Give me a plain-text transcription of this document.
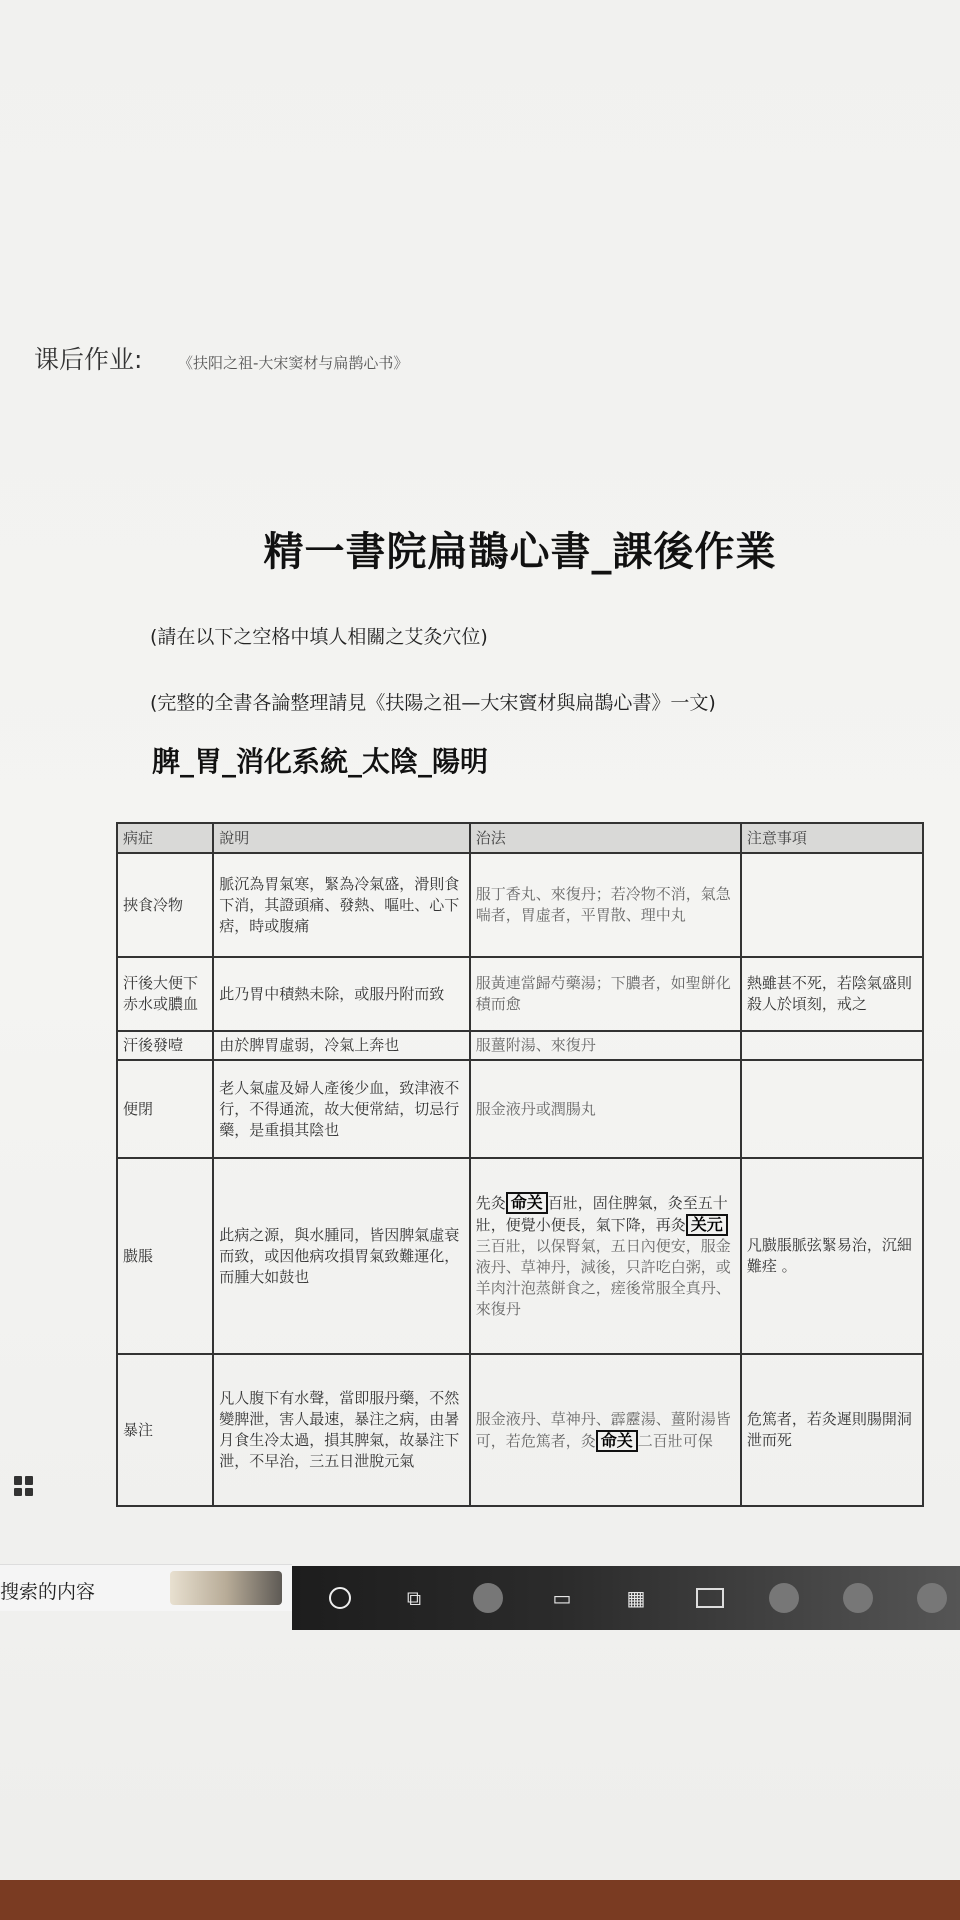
课后作业: 《扶阳之祖-大宋窦材与扁鹊心书》
精一書院扁鵲心書_課後作業
(請在以下之空格中填人相關之艾灸穴位)
(完整的全書各論整理請見《扶陽之祖—大宋竇材與扁鵲心書》一文)
脾_胃_消化系統_太陰_陽明
病症	說明	治法	注意事項
挾食冷物	脈沉為胃氣寒，緊為冷氣盛，滑則食下消，其證頭痛、發熱、嘔吐、心下痞，時或腹痛	服丁香丸、來復丹；若冷物不消，氣急喘者，胃虛者，平胃散、理中丸	
汗後大便下赤水或膿血	此乃胃中積熱未除，或服丹附而致	服黃連當歸芍藥湯；下膿者，如聖餅化積而愈	熱雖甚不死，若陰氣盛則殺人於頃刻，戒之
汗後發噎	由於脾胃虛弱，冷氣上奔也	服薑附湯、來復丹	
便閉	老人氣虛及婦人產後少血，致津液不行，不得通流，故大便常結，切忌行藥，是重損其陰也	服金液丹或潤腸丸	
臌脹	此病之源，與水腫同，皆因脾氣虛衰而致，或因他病攻損胃氣致難運化，而腫大如鼓也	先灸 命关 百壯，固住脾氣，灸至五十壯，便覺小便長，氣下降，再灸 关元三百壯，以保腎氣，五日內便安，服金液丹、草神丹，減後，只許吃白粥，或羊肉汁泡蒸餅食之，瘥後常服全真丹、來復丹	凡臌脹脈弦緊易治，沉細難痊 。
暴注	凡人腹下有水聲，當即服丹藥，不然變脾泄，害人最速，暴注之病，由暑月食生冷太過，損其脾氣，故暴注下泄，不早治，三五日泄脫元氣	服金液丹、草神丹、霹靂湯、薑附湯皆可，若危篤者，灸 命关 二百壯可保	危篤者，若灸遲則腸開洞泄而死
搜索的内容	⧉	▭	▦
